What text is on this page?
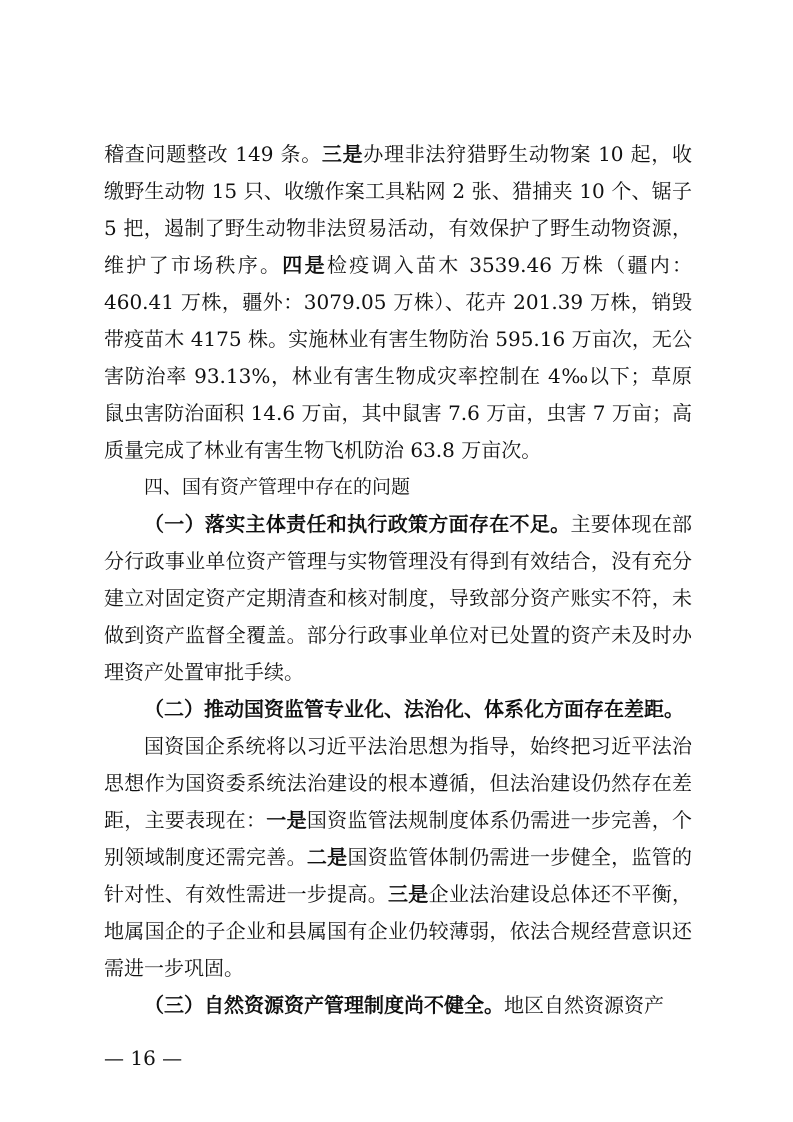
稽查问题整改 149 条。三是办理非法狩猎野生动物案 10 起，收缴野生动物 15 只、收缴作案工具粘网 2 张、猎捕夹 10 个、锯子 5 把，遏制了野生动物非法贸易活动，有效保护了野生动物资源，维护了市场秩序。四是检疫调入苗木 3539.46 万株（疆内：460.41 万株，疆外：3079.05 万株）、花卉 201.39 万株，销毁带疫苗木 4175 株。实施林业有害生物防治 595.16 万亩次，无公害防治率 93.13%，林业有害生物成灾率控制在 4‰以下；草原鼠虫害防治面积 14.6 万亩，其中鼠害 7.6 万亩，虫害 7 万亩；高质量完成了林业有害生物飞机防治 63.8 万亩次。

四、国有资产管理中存在的问题

（一）落实主体责任和执行政策方面存在不足。主要体现在部分行政事业单位资产管理与实物管理没有得到有效结合，没有充分建立对固定资产定期清查和核对制度，导致部分资产账实不符，未做到资产监督全覆盖。部分行政事业单位对已处置的资产未及时办理资产处置审批手续。

（二）推动国资监管专业化、法治化、体系化方面存在差距。

国资国企系统将以习近平法治思想为指导，始终把习近平法治思想作为国资委系统法治建设的根本遵循，但法治建设仍然存在差距，主要表现在：一是国资监管法规制度体系仍需进一步完善，个别领域制度还需完善。二是国资监管体制仍需进一步健全，监管的针对性、有效性需进一步提高。三是企业法治建设总体还不平衡，地属国企的子企业和县属国有企业仍较薄弱，依法合规经营意识还需进一步巩固。

（三）自然资源资产管理制度尚不健全。地区自然资源资产

— 16 —
